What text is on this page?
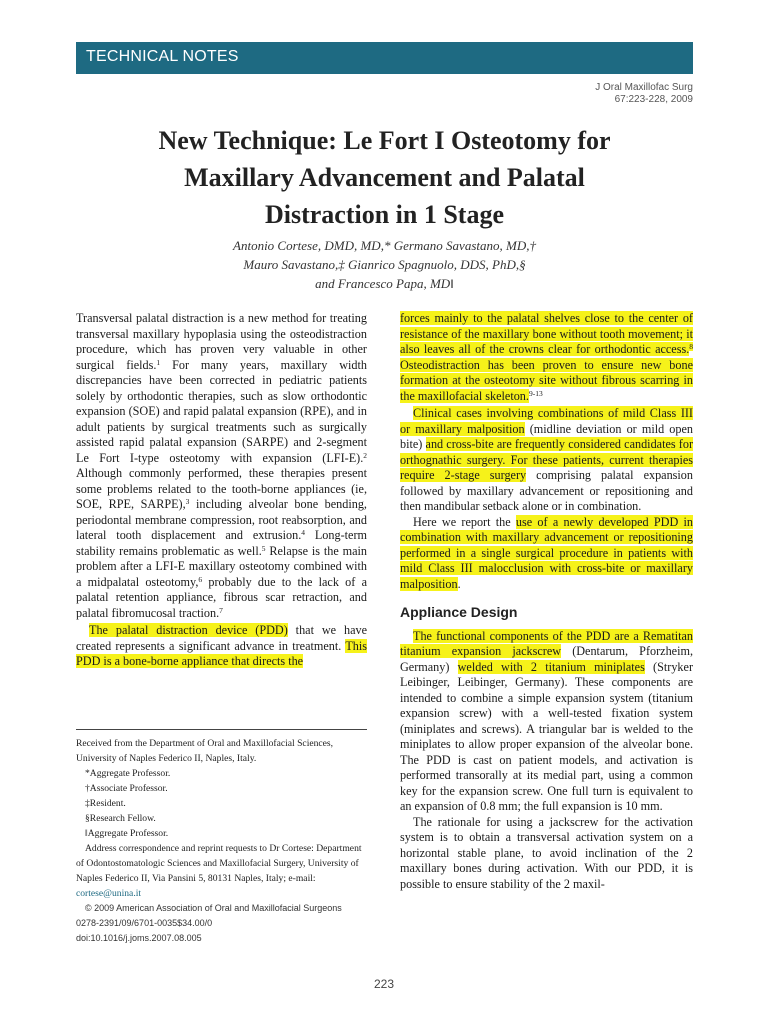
TECHNICAL NOTES
J Oral Maxillofac Surg
67:223-228, 2009
New Technique: Le Fort I Osteotomy for
Maxillary Advancement and Palatal
Distraction in 1 Stage
Antonio Cortese, DMD, MD,* Germano Savastano, MD,†
Mauro Savastano,‡ Gianrico Spagnuolo, DDS, PhD,§
and Francesco Papa, MD‖

Transversal palatal distraction is a new method for treating transversal maxillary hypoplasia using the osteodistraction procedure, which has proven very valuable in other surgical fields.$^1$ For many years, maxillary width discrepancies have been corrected in pediatric patients solely by orthodontic therapies, such as slow orthodontic expansion (SOE) and rapid palatal expansion (RPE), and in adult patients by surgical treatments such as surgically assisted rapid palatal expansion (SARPE) and 2-segment Le Fort I-type osteotomy with expansion (LFI-E).$^2$ Although commonly performed, these therapies present some problems related to the tooth-borne appliances (ie, SOE, RPE, SARPE),$^3$ including alveolar bone bending, periodontal membrane compression, root reabsorption, and lateral tooth displacement and extrusion.$^4$ Long-term stability remains problematic as well.$^5$ Relapse is the main problem after a LFI-E maxillary osteotomy combined with a midpalatal osteotomy,$^6$ probably due to the lack of a palatal retention appliance, fibrous scar retraction, and palatal fibromucosal traction.$^7$

The palatal distraction device (PDD) that we have created represents a significant advance in treatment. This PDD is a bone-borne appliance that directs the

forces mainly to the palatal shelves close to the center of resistance of the maxillary bone without tooth movement; it also leaves all of the crowns clear for orthodontic access.$^8$ Osteodistraction has been proven to ensure new bone formation at the osteotomy site without fibrous scarring in the maxillofacial skeleton.$^{9-13}$

Clinical cases involving combinations of mild Class III or maxillary malposition (midline deviation or mild open bite) and cross-bite are frequently considered candidates for orthognathic surgery. For these patients, current therapies require 2-stage surgery comprising palatal expansion followed by maxillary advancement or repositioning and then mandibular setback alone or in combination.

Here we report the use of a newly developed PDD in combination with maxillary advancement or repositioning performed in a single surgical procedure in patients with mild Class III malocclusion with cross-bite or maxillary malposition.

Appliance Design

The functional components of the PDD are a Rematitan titanium expansion jackscrew (Dentarum, Pforzheim, Germany) welded with 2 titanium miniplates (Stryker Leibinger, Leibinger, Germany). These components are intended to combine a simple expansion system (titanium expansion screw) with a well-tested fixation system (miniplates and screws). A triangular bar is welded to the miniplates to allow proper expansion of the alveolar bone. The PDD is cast on patient models, and activation is performed transorally at its medial part, using a common key for the expansion screw. One full turn is equivalent to an expansion of 0.8 mm; the full expansion is 10 mm.

The rationale for using a jackscrew for the activation system is to obtain a transversal activation system on a horizontal stable plane, to avoid inclination of the 2 maxillary bones during activation. With our PDD, it is possible to ensure stability of the 2 maxil-

Received from the Department of Oral and Maxillofacial Sciences, University of Naples Federico II, Naples, Italy.

*Aggregate Professor.

†Associate Professor.

‡Resident.

§Research Fellow.

‖Aggregate Professor.

Address correspondence and reprint requests to Dr Cortese: Department of Odontostomatologic Sciences and Maxillofacial Surgery, University of Naples Federico II, Via Pansini 5, 80131 Naples, Italy; e-mail: cortese@unina.it

© 2009 American Association of Oral and Maxillofacial Surgeons

0278-2391/09/6701-0035$34.00/0

doi:10.1016/j.joms.2007.08.005

223
